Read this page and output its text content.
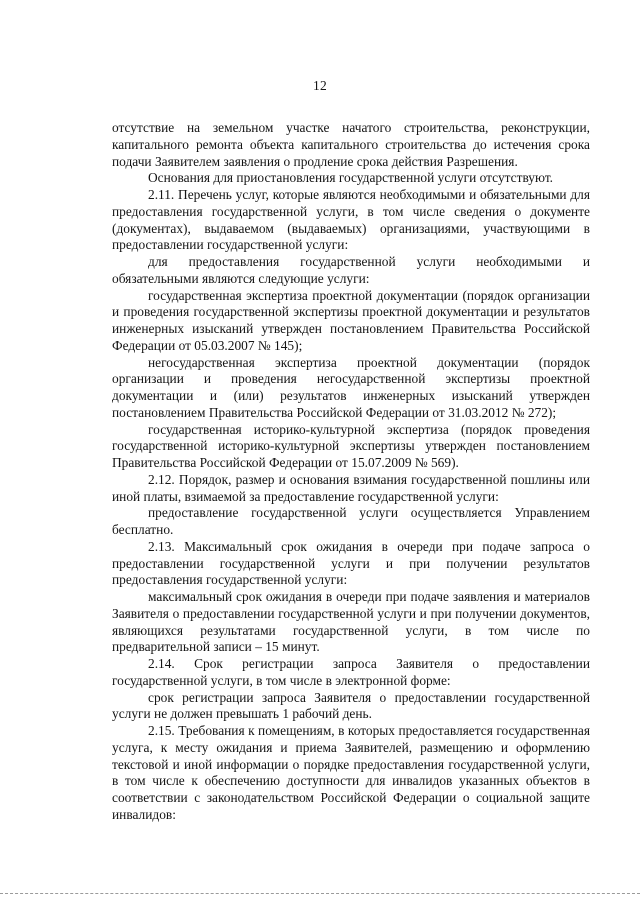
12

отсутствие на земельном участке начатого строительства, реконструкции, капитального ремонта объекта капитального строительства до истечения срока подачи Заявителем заявления о продление срока действия Разрешения.

Основания для приостановления государственной услуги отсутствуют.

2.11. Перечень услуг, которые являются необходимыми и обязательными для предоставления государственной услуги, в том числе сведения о документе (документах), выдаваемом (выдаваемых) организациями, участвующими в предоставлении государственной услуги:

для предоставления государственной услуги необходимыми и обязательными являются следующие услуги:

государственная экспертиза проектной документации (порядок организации и проведения государственной экспертизы проектной документации и результатов инженерных изысканий утвержден постановлением Правительства Российской Федерации от 05.03.2007 № 145);

негосударственная экспертиза проектной документации (порядок организации и проведения негосударственной экспертизы проектной документации и (или) результатов инженерных изысканий утвержден постановлением Правительства Российской Федерации от 31.03.2012 № 272);

государственная историко-культурной экспертиза (порядок проведения государственной историко-культурной экспертизы утвержден постановлением Правительства Российской Федерации от 15.07.2009 № 569).

2.12. Порядок, размер и основания взимания государственной пошлины или иной платы, взимаемой за предоставление государственной услуги:

предоставление государственной услуги осуществляется Управлением бесплатно.

2.13. Максимальный срок ожидания в очереди при подаче запроса о предоставлении государственной услуги и при получении результатов предоставления государственной услуги:

максимальный срок ожидания в очереди при подаче заявления и материалов Заявителя о предоставлении государственной услуги и при получении документов, являющихся результатами государственной услуги, в том числе по предварительной записи – 15 минут.

2.14. Срок регистрации запроса Заявителя о предоставлении государственной услуги, в том числе в электронной форме:

срок регистрации запроса Заявителя о предоставлении государственной услуги не должен превышать 1 рабочий день.

2.15. Требования к помещениям, в которых предоставляется государственная услуга, к месту ожидания и приема Заявителей, размещению и оформлению текстовой и иной информации о порядке предоставления государственной услуги, в том числе к обеспечению доступности для инвалидов указанных объектов в соответствии с законодательством Российской Федерации о социальной защите инвалидов:
